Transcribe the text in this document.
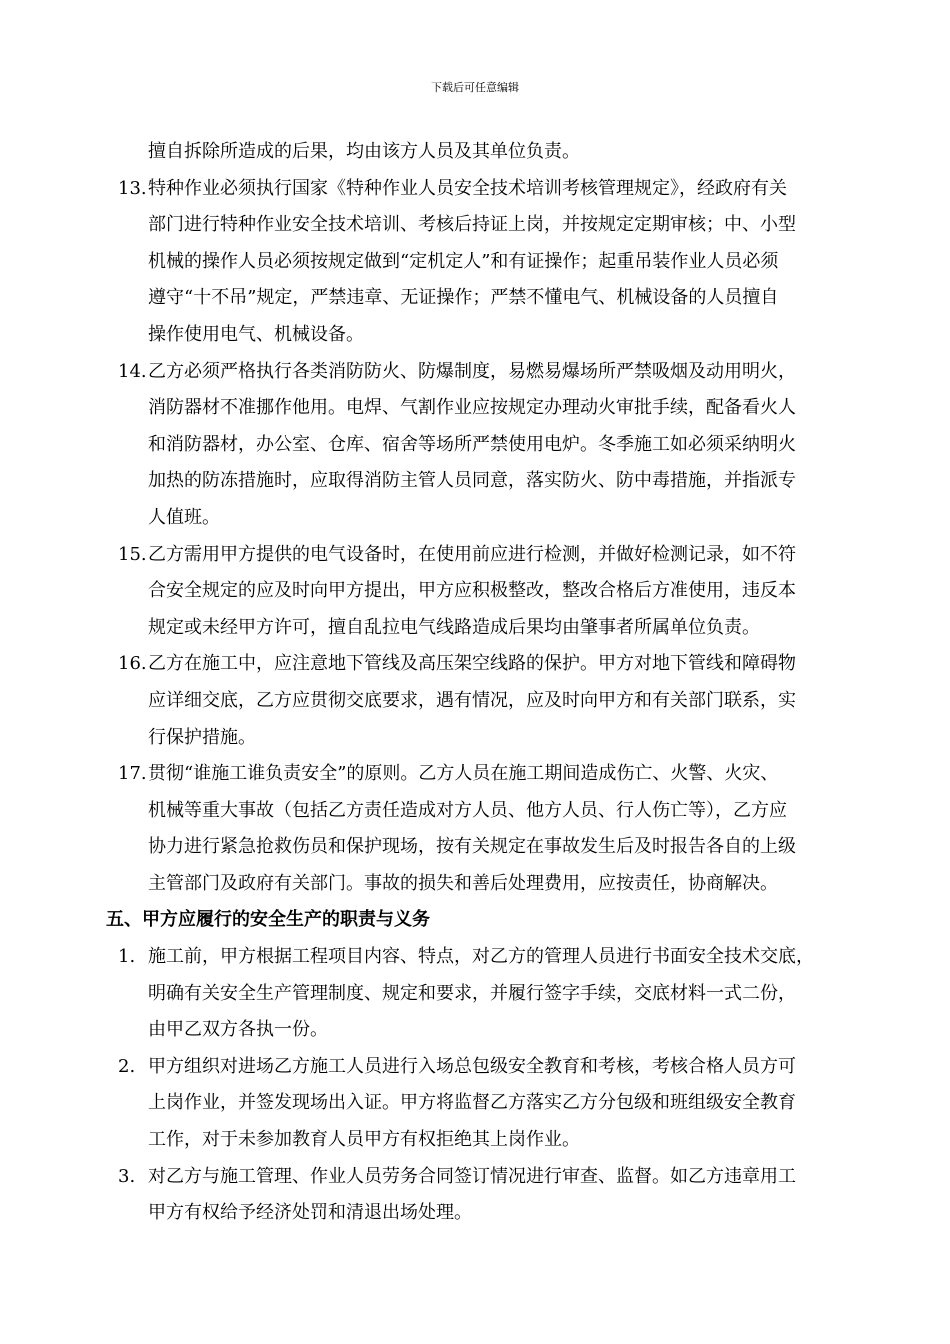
下载后可任意编辑
擅自拆除所造成的后果，均由该方人员及其单位负责。
13.特种作业必须执行国家《特种作业人员安全技术培训考核管理规定》，经政府有关
部门进行特种作业安全技术培训、考核后持证上岗，并按规定定期审核；中、小型
机械的操作人员必须按规定做到“定机定人”和有证操作；起重吊装作业人员必须
遵守“十不吊”规定，严禁违章、无证操作；严禁不懂电气、机械设备的人员擅自
操作使用电气、机械设备。
14.乙方必须严格执行各类消防防火、防爆制度，易燃易爆场所严禁吸烟及动用明火，
消防器材不准挪作他用。电焊、气割作业应按规定办理动火审批手续，配备看火人
和消防器材，办公室、仓库、宿舍等场所严禁使用电炉。冬季施工如必须采纳明火
加热的防冻措施时，应取得消防主管人员同意，落实防火、防中毒措施，并指派专
人值班。
15.乙方需用甲方提供的电气设备时，在使用前应进行检测，并做好检测记录，如不符
合安全规定的应及时向甲方提出，甲方应积极整改，整改合格后方准使用，违反本
规定或未经甲方许可，擅自乱拉电气线路造成后果均由肇事者所属单位负责。
16.乙方在施工中，应注意地下管线及高压架空线路的保护。甲方对地下管线和障碍物
应详细交底，乙方应贯彻交底要求，遇有情况，应及时向甲方和有关部门联系，实
行保护措施。
17.贯彻“谁施工谁负责安全”的原则。乙方人员在施工期间造成伤亡、火警、火灾、
机械等重大事故（包括乙方责任造成对方人员、他方人员、行人伤亡等），乙方应
协力进行紧急抢救伤员和保护现场，按有关规定在事故发生后及时报告各自的上级
主管部门及政府有关部门。事故的损失和善后处理费用，应按责任，协商解决。
五、甲方应履行的安全生产的职责与义务
1. 施工前，甲方根据工程项目内容、特点，对乙方的管理人员进行书面安全技术交底，
明确有关安全生产管理制度、规定和要求，并履行签字手续，交底材料一式二份，
由甲乙双方各执一份。
2. 甲方组织对进场乙方施工人员进行入场总包级安全教育和考核，考核合格人员方可
上岗作业，并签发现场出入证。甲方将监督乙方落实乙方分包级和班组级安全教育
工作，对于未参加教育人员甲方有权拒绝其上岗作业。
3. 对乙方与施工管理、作业人员劳务合同签订情况进行审查、监督。如乙方违章用工
甲方有权给予经济处罚和清退出场处理。
